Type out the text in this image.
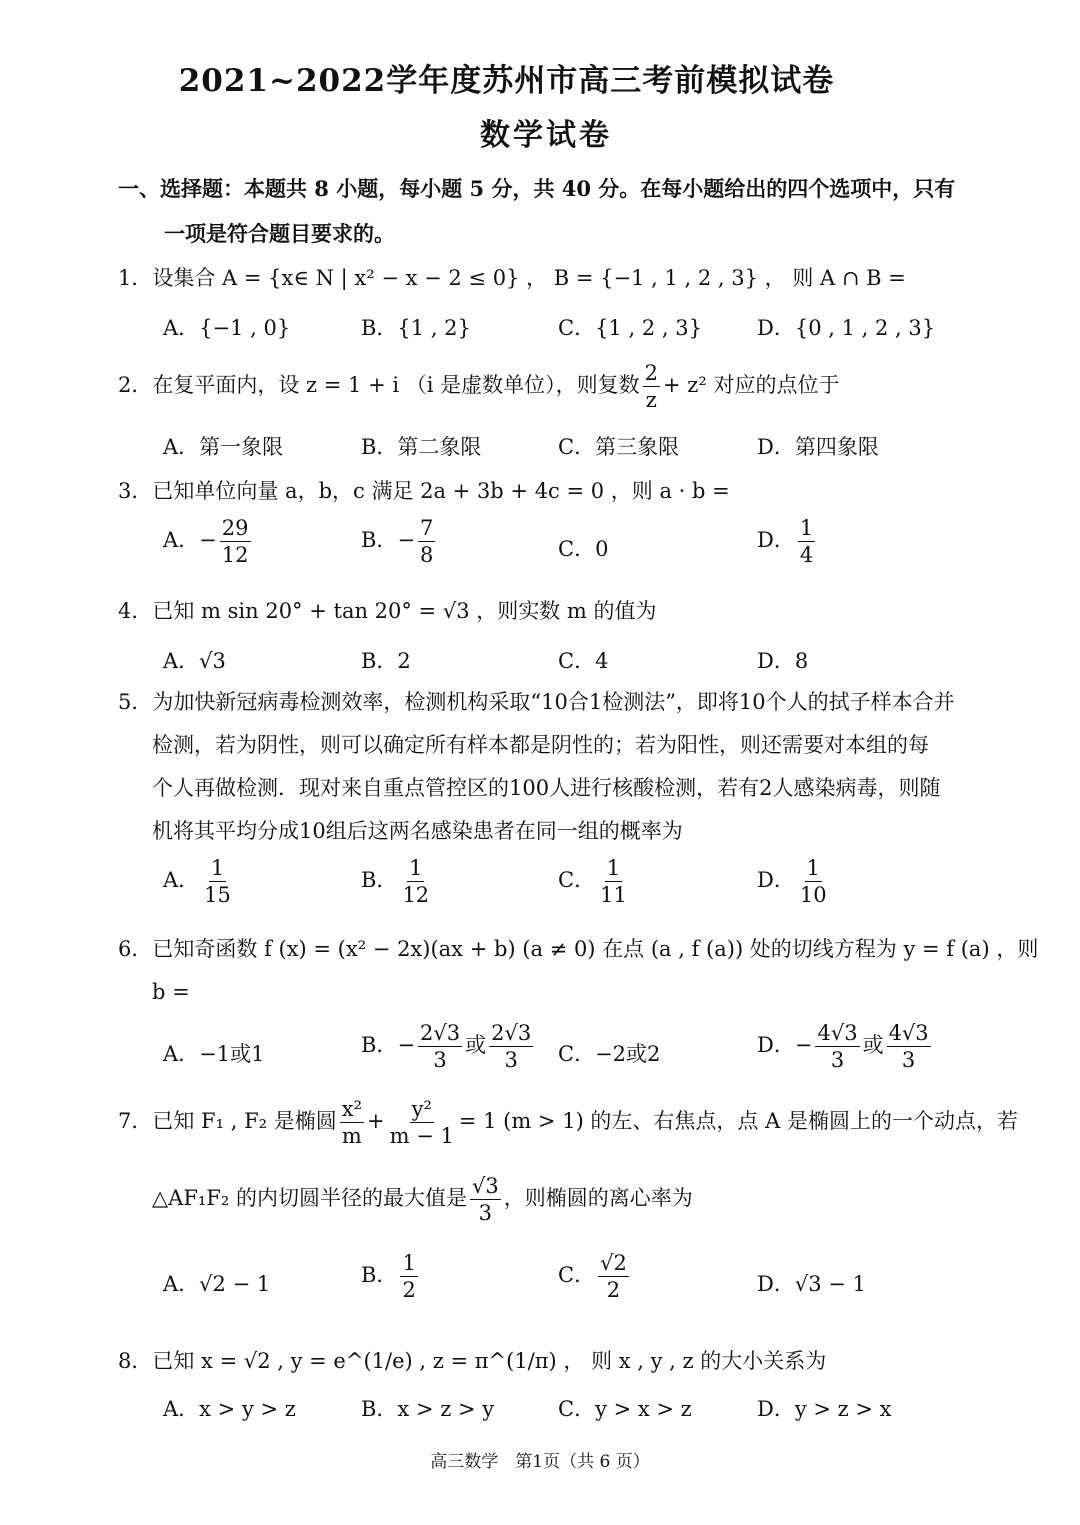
2021~2022学年度苏州市高三考前模拟试卷
数学试卷
一、选择题：本题共 8 小题，每小题 5 分，共 40 分。在每小题给出的四个选项中，只有
一项是符合题目要求的。
1．设集合 A = {x∈ N | x² − x − 2 ≤ 0} ， B = {−1 , 1 , 2 , 3} ， 则 A ∩ B =
A．{−1 , 0}	B．{1 , 2}	C．{1 , 2 , 3}	D．{0 , 1 , 2 , 3}
2．在复平面内，设 z = 1 + i （i 是虚数单位），则复数 $\frac{2}{z} + z^2$ 对应的点位于
A．第一象限	B．第二象限	C．第三象限	D．第四象限
3．已知单位向量 a，b，c 满足 2a + 3b + 4c = 0 ，则 a · b =
A．− $\frac{29}{12}$	B．− $\frac{7}{8}$	C．0	D． $\frac{1}{4}$
4．已知 m sin 20° + tan 20° = √3 ，则实数 m 的值为
A．√3	B．2	C．4	D．8
5．为加快新冠病毒检测效率，检测机构采取“10合1检测法”，即将10个人的拭子样本合并
检测，若为阴性，则可以确定所有样本都是阴性的；若为阳性，则还需要对本组的每
个人再做检测．现对来自重点管控区的100人进行核酸检测，若有2人感染病毒，则随
机将其平均分成10组后这两名感染患者在同一组的概率为
A． $\frac{1}{15}$	B． $\frac{1}{12}$	C． $\frac{1}{11}$	D． $\frac{1}{10}$
6．已知奇函数 f (x) = (x² − 2x)(ax + b) (a ≠ 0) 在点 (a , f (a)) 处的切线方程为 y = f (a) ，则
b =
A．−1或1	B．− $\frac{2√3}{3}$ 或 $\frac{2√3}{3}$ C．−2或2	D．− $\frac{4√3}{3}$ 或 $\frac{4√3}{3}$
7．已知 F₁ , F₂ 是椭圆 $\frac{\text{x²}}{m} + \frac{\text{y²}}{m - 1} = 1$ (m > 1) 的左、右焦点，点 A 是椭圆上的一个动点，若
△AF₁F₂ 的内切圆半径的最大值是 $\frac{√3}{3}$ ，则椭圆的离心率为
A．√2 − 1	B． $\frac{1}{2}$	C． $\frac{√2}{2}$	D．√3 − 1
8．已知 x = √2 , y = e^(1/e) , z = π^(1/π) ， 则 x , y , z 的大小关系为
A．x > y > z	B．x > z > y	C．y > x > z	D．y > z > x
高三数学　第1页（共 6 页）
